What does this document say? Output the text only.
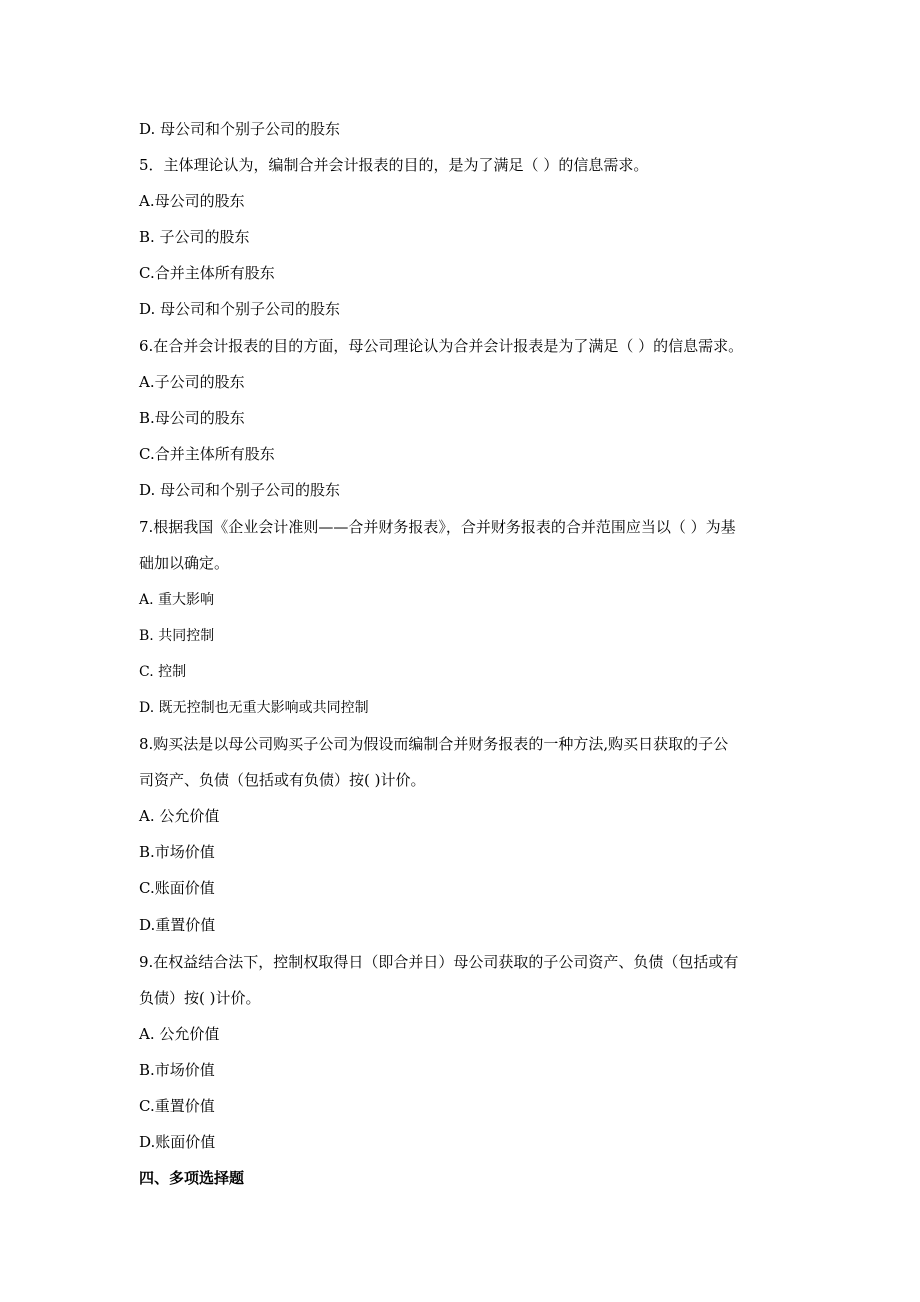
D. 母公司和个别子公司的股东
5．主体理论认为，编制合并会计报表的目的，是为了满足（ ）的信息需求。
A.母公司的股东
B. 子公司的股东
C.合并主体所有股东
D. 母公司和个别子公司的股东
6.在合并会计报表的目的方面，母公司理论认为合并会计报表是为了满足（ ）的信息需求。
A.子公司的股东
B.母公司的股东
C.合并主体所有股东
D. 母公司和个别子公司的股东
7.根据我国《企业会计准则——合并财务报表》，合并财务报表的合并范围应当以（ ）为基
础加以确定。
A. 重大影响
B. 共同控制
C. 控制
D. 既无控制也无重大影响或共同控制
8.购买法是以母公司购买子公司为假设而编制合并财务报表的一种方法,购买日获取的子公
司资产、负债（包括或有负债）按( )计价。
A. 公允价值
B.市场价值
C.账面价值
D.重置价值
9.在权益结合法下，控制权取得日（即合并日）母公司获取的子公司资产、负债（包括或有
负债）按( )计价。
A. 公允价值
B.市场价值
C.重置价值
D.账面价值
四、多项选择题
